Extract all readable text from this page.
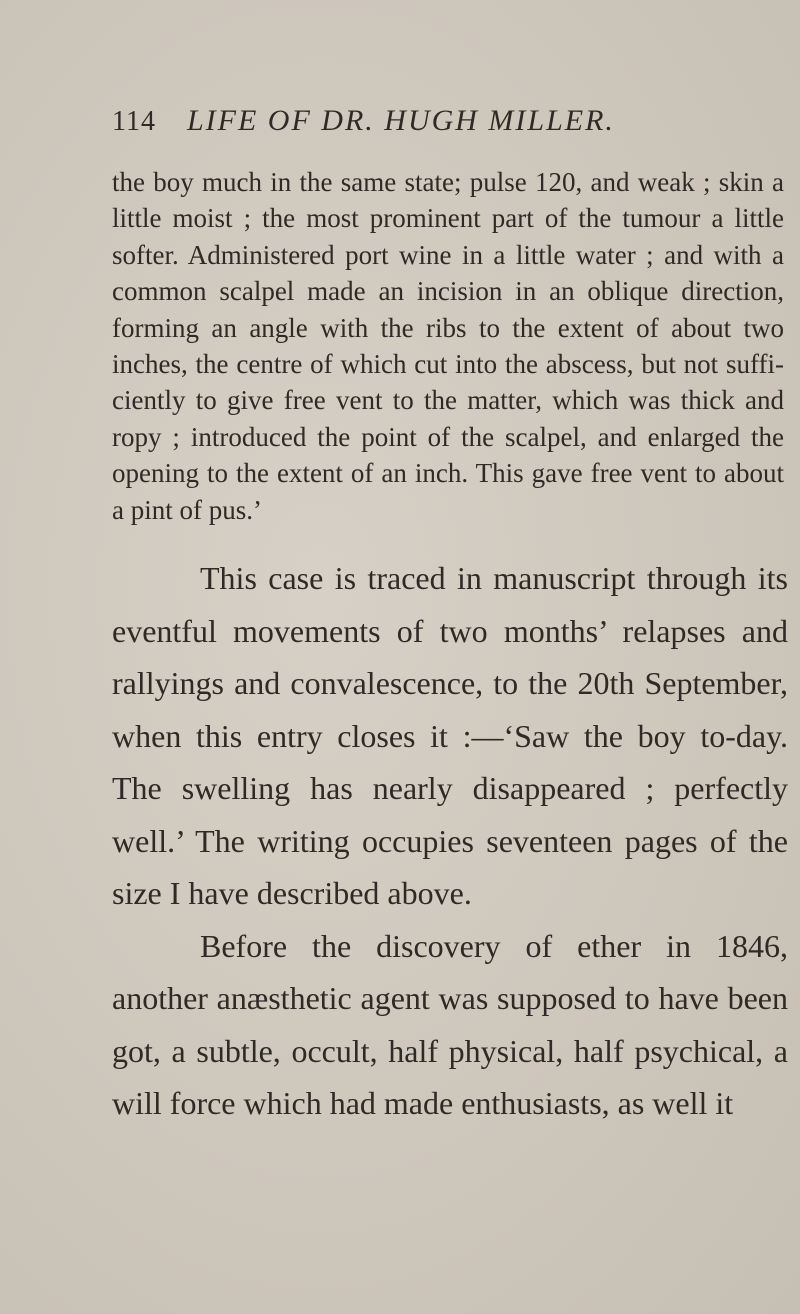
114 LIFE OF DR. HUGH MILLER.

the boy much in the same state; pulse 120, and weak ; skin a little moist ; the most prominent part of the tumour a little softer. Administered port wine in a little water ; and with a common scalpel made an incision in an oblique direction, forming an angle with the ribs to the extent of about two inches, the centre of which cut into the abscess, but not sufficiently to give free vent to the matter, which was thick and ropy ; introduced the point of the scalpel, and enlarged the opening to the extent of an inch. This gave free vent to about a pint of pus.’

This case is traced in manuscript through its eventful movements of two months’ relapses and rallyings and convalescence, to the 20th September, when this entry closes it :—‘Saw the boy to-day. The swelling has nearly disappeared ; perfectly well.’ The writing occupies seventeen pages of the size I have described above.

Before the discovery of ether in 1846, another anæsthetic agent was supposed to have been got, a subtle, occult, half physical, half psychical, a will force which had made enthusiasts, as well it
